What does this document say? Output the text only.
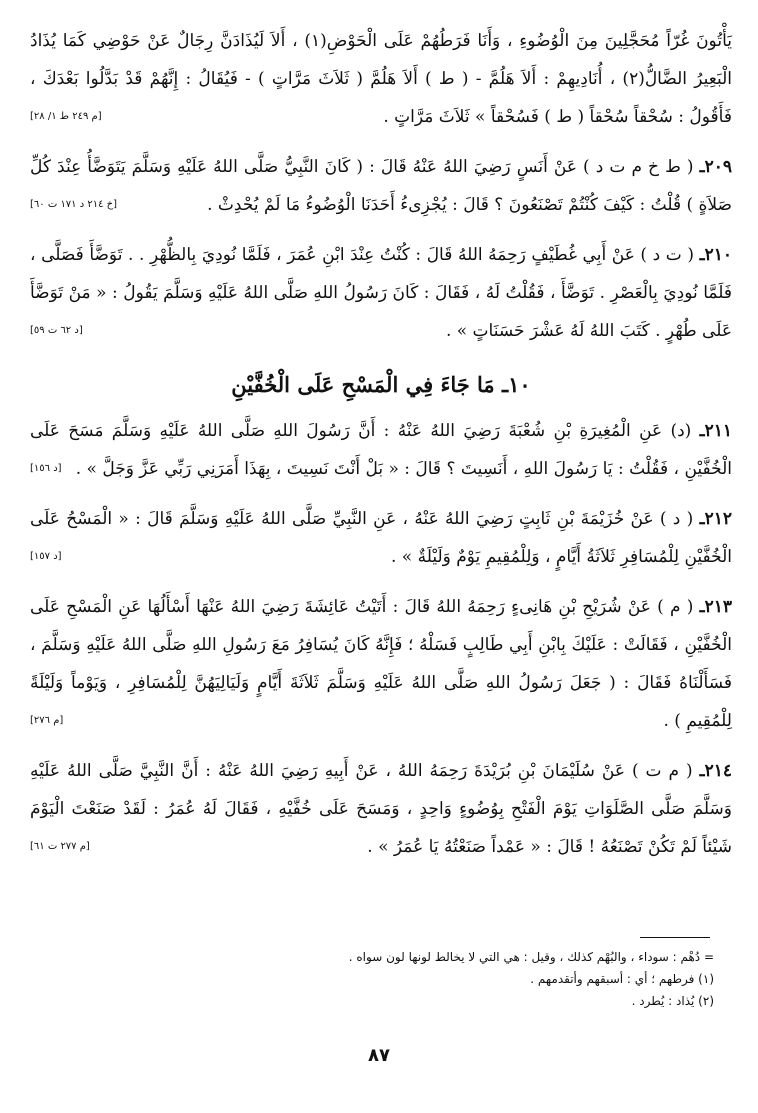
يَأْتُونَ غُرّاً مُحَجَّلِينَ مِنَ الْوُضُوءِ ، وَأَنَا فَرَطُهُمْ عَلَى الْحَوْضِ(١) ، أَلاَ لَيُذَادَنَّ رِجَالٌ عَنْ حَوْضِي كَمَا يُذَادُ الْبَعِيرُ الضَّالُّ(٢) ، أُنَادِيهِمْ : أَلاَ هَلُمَّ - ( ط ) أَلاَ هَلُمَّ ( ثَلاَثَ مَرَّاتٍ ) - فَيُقَالُ : إِنَّهُمْ قَدْ بَدَّلُوا بَعْدَكَ ، فَأَقُولُ : سُحْقاً سُحْقاً ( ط ) فَسُحْقاً » ثَلاَثَ مَرَّاتٍ .
[م ٢٤٩ ط ١/ ٢٨]

٢٠٩ـ ( ط خ م ت د ) عَنْ أَنَسٍ رَضِيَ اللهُ عَنْهُ قَالَ : ( كَانَ النَّبِيُّ صَلَّى اللهُ عَلَيْهِ وَسَلَّمَ يَتَوَضَّأُ عِنْدَ كُلِّ صَلاَةٍ ) قُلْتُ : كَيْفَ كُنْتُمْ تَصْنَعُونَ ؟ قَالَ : يُجْزِىءُ أَحَدَنَا الْوُضُوءُ مَا لَمْ يُحْدِثْ .
[خ ٢١٤ د ١٧١ ت ٦٠]

٢١٠ـ ( ت د ) عَنْ أَبِي غُطَيْفٍ رَحِمَهُ اللهُ قَالَ : كُنْتُ عِنْدَ ابْنِ عُمَرَ ، فَلَمَّا نُودِيَ بِالظُّهْرِ . . تَوَضَّأَ فَصَلَّى ، فَلَمَّا نُودِيَ بِالْعَصْرِ . تَوَضَّأَ ، فَقُلْتُ لَهُ ، فَقَالَ : كَانَ رَسُولُ اللهِ صَلَّى اللهُ عَلَيْهِ وَسَلَّمَ يَقُولُ : « مَنْ تَوَضَّأَ عَلَى طُهْرٍ . كَتَبَ اللهُ لَهُ عَشْرَ حَسَنَاتٍ » .
[د ٦٢ ت ٥٩]

١٠ـ مَا جَاءَ فِي الْمَسْحِ عَلَى الْخُفَّيْنِ

٢١١ـ (د) عَنِ الْمُغِيرَةِ بْنِ شُعْبَةَ رَضِيَ اللهُ عَنْهُ : أَنَّ رَسُولَ اللهِ صَلَّى اللهُ عَلَيْهِ وَسَلَّمَ مَسَحَ عَلَى الْخُفَّيْنِ ، فَقُلْتُ : يَا رَسُولَ اللهِ ، أَنَسِيتَ ؟ قَالَ : « بَلْ أَنْتَ نَسِيتَ ، بِهَذَا أَمَرَنِي رَبِّي عَزَّ وَجَلَّ » .
[د ١٥٦]

٢١٢ـ ( د ) عَنْ خُزَيْمَةَ بْنِ ثَابِتٍ رَضِيَ اللهُ عَنْهُ ، عَنِ النَّبِيِّ صَلَّى اللهُ عَلَيْهِ وَسَلَّمَ قَالَ : « الْمَسْحُ عَلَى الْخُفَّيْنِ لِلْمُسَافِرِ ثَلاَثَةُ أَيَّامٍ ، وَلِلْمُقِيمِ يَوْمٌ وَلَيْلَةٌ » .
[د ١٥٧]

٢١٣ـ ( م ) عَنْ شُرَيْحِ بْنِ هَانِىءٍ رَحِمَهُ اللهُ قَالَ : أَتَيْتُ عَائِشَةَ رَضِيَ اللهُ عَنْهَا أَسْأَلُهَا عَنِ الْمَسْحِ عَلَى الْخُفَّيْنِ ، فَقَالَتْ : عَلَيْكَ بِابْنِ أَبِي طَالِبٍ فَسَلْهُ ؛ فَإِنَّهُ كَانَ يُسَافِرُ مَعَ رَسُولِ اللهِ صَلَّى اللهُ عَلَيْهِ وَسَلَّمَ ، فَسَأَلْنَاهُ فَقَالَ : ( جَعَلَ رَسُولُ اللهِ صَلَّى اللهُ عَلَيْهِ وَسَلَّمَ ثَلاَثَةَ أَيَّامٍ وَلَيَالِيَهُنَّ لِلْمُسَافِرِ ، وَيَوْماً وَلَيْلَةً لِلْمُقِيمِ ) .
[م ٢٧٦]

٢١٤ـ ( م ت ) عَنْ سُلَيْمَانَ بْنِ بُرَيْدَةَ رَحِمَهُ اللهُ ، عَنْ أَبِيهِ رَضِيَ اللهُ عَنْهُ : أَنَّ النَّبِيَّ صَلَّى اللهُ عَلَيْهِ وَسَلَّمَ صَلَّى الصَّلَوَاتِ يَوْمَ الْفَتْحِ بِوُضُوءٍ وَاحِدٍ ، وَمَسَحَ عَلَى خُفَّيْهِ ، فَقَالَ لَهُ عُمَرُ : لَقَدْ صَنَعْتَ الْيَوْمَ شَيْئاً لَمْ تَكُنْ تَصْنَعُهُ ! قَالَ : « عَمْداً صَنَعْتُهُ يَا عُمَرُ » .
[م ٢٧٧ ت ٦١]

= دُهْم : سوداء ، والبُهْم كذلك ، وقيل : هي التي لا يخالط لونها لون سواه .
(١) فرطهم ؛ أي : أسبقهم وأتقدمهم .
(٢) يُذاد : يُطرد .
٨٧
